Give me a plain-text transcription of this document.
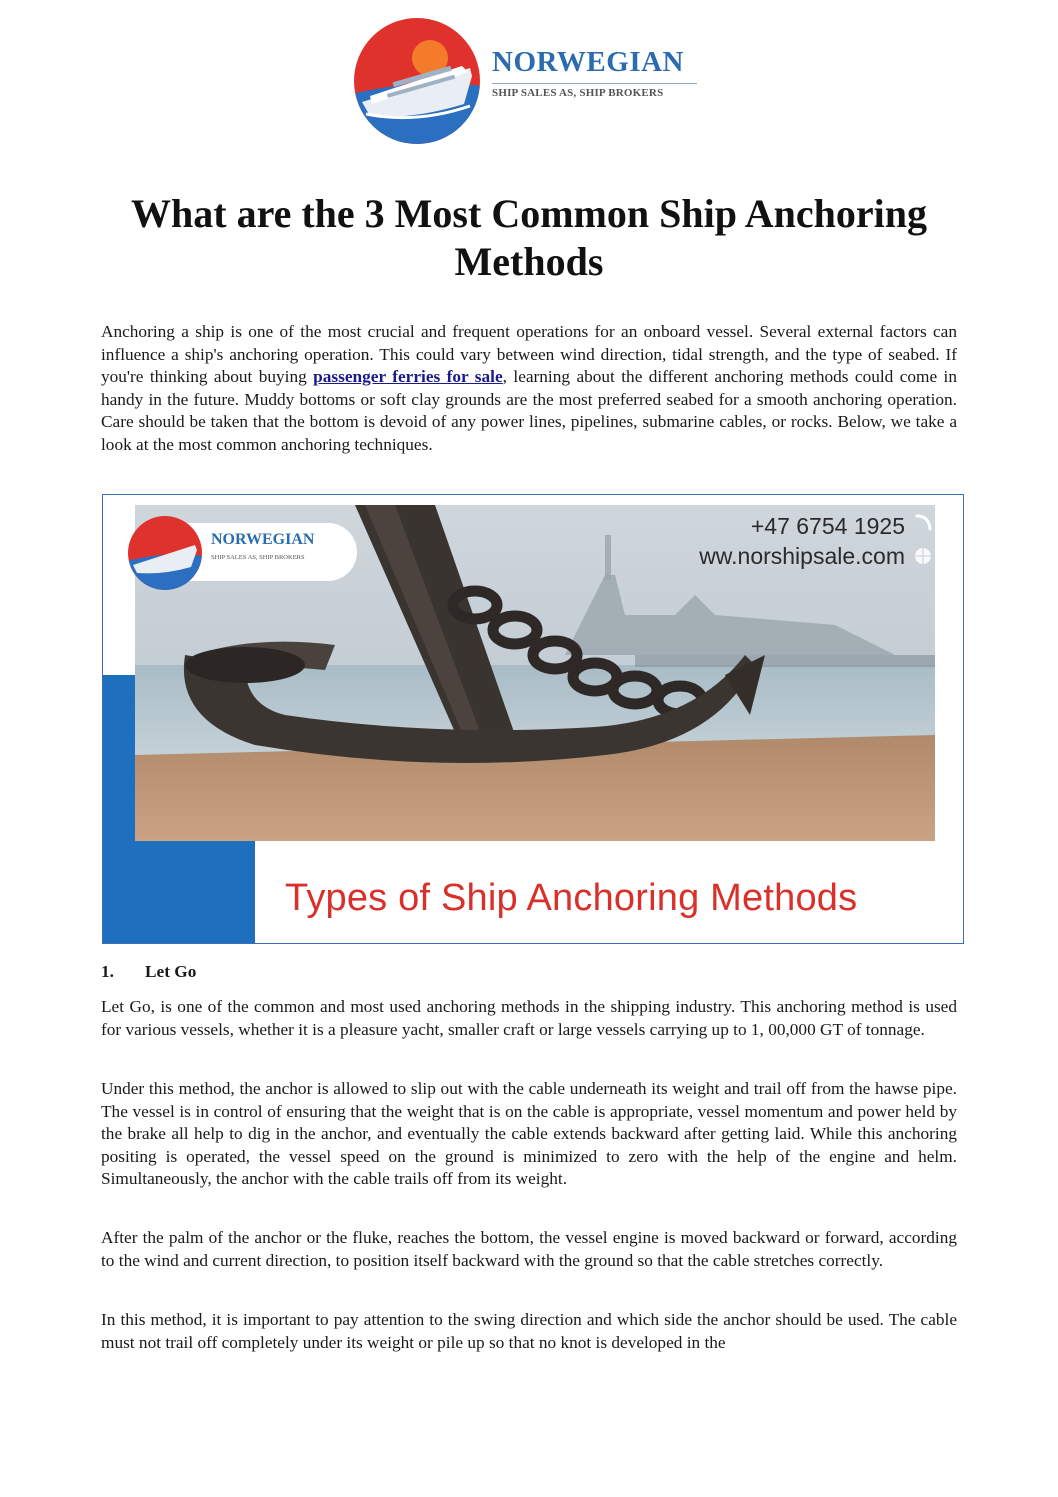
NORWEGIAN
SHIP SALES AS, SHIP BROKERS
What are the 3 Most Common Ship Anchoring Methods

Anchoring a ship is one of the most crucial and frequent operations for an onboard vessel. Several external factors can influence a ship's anchoring operation. This could vary between wind direction, tidal strength, and the type of seabed. If you're thinking about buying passenger ferries for sale, learning about the different anchoring methods could come in handy in the future. Muddy bottoms or soft clay grounds are the most preferred seabed for a smooth anchoring operation. Care should be taken that the bottom is devoid of any power lines, pipelines, submarine cables, or rocks. Below, we take a look at the most common anchoring techniques.

NORWEGIAN
SHIP SALES AS, SHIP BROKERS
+47 6754 1925
ww.norshipsale.com
Types of Ship Anchoring Methods
1. Let Go

Let Go, is one of the common and most used anchoring methods in the shipping industry. This anchoring method is used for various vessels, whether it is a pleasure yacht, smaller craft or large vessels carrying up to 1, 00,000 GT of tonnage.

Under this method, the anchor is allowed to slip out with the cable underneath its weight and trail off from the hawse pipe. The vessel is in control of ensuring that the weight that is on the cable is appropriate, vessel momentum and power held by the brake all help to dig in the anchor, and eventually the cable extends backward after getting laid. While this anchoring positing is operated, the vessel speed on the ground is minimized to zero with the help of the engine and helm. Simultaneously, the anchor with the cable trails off from its weight.

After the palm of the anchor or the fluke, reaches the bottom, the vessel engine is moved backward or forward, according to the wind and current direction, to position itself backward with the ground so that the cable stretches correctly.

In this method, it is important to pay attention to the swing direction and which side the anchor should be used. The cable must not trail off completely under its weight or pile up so that no knot is developed in the
